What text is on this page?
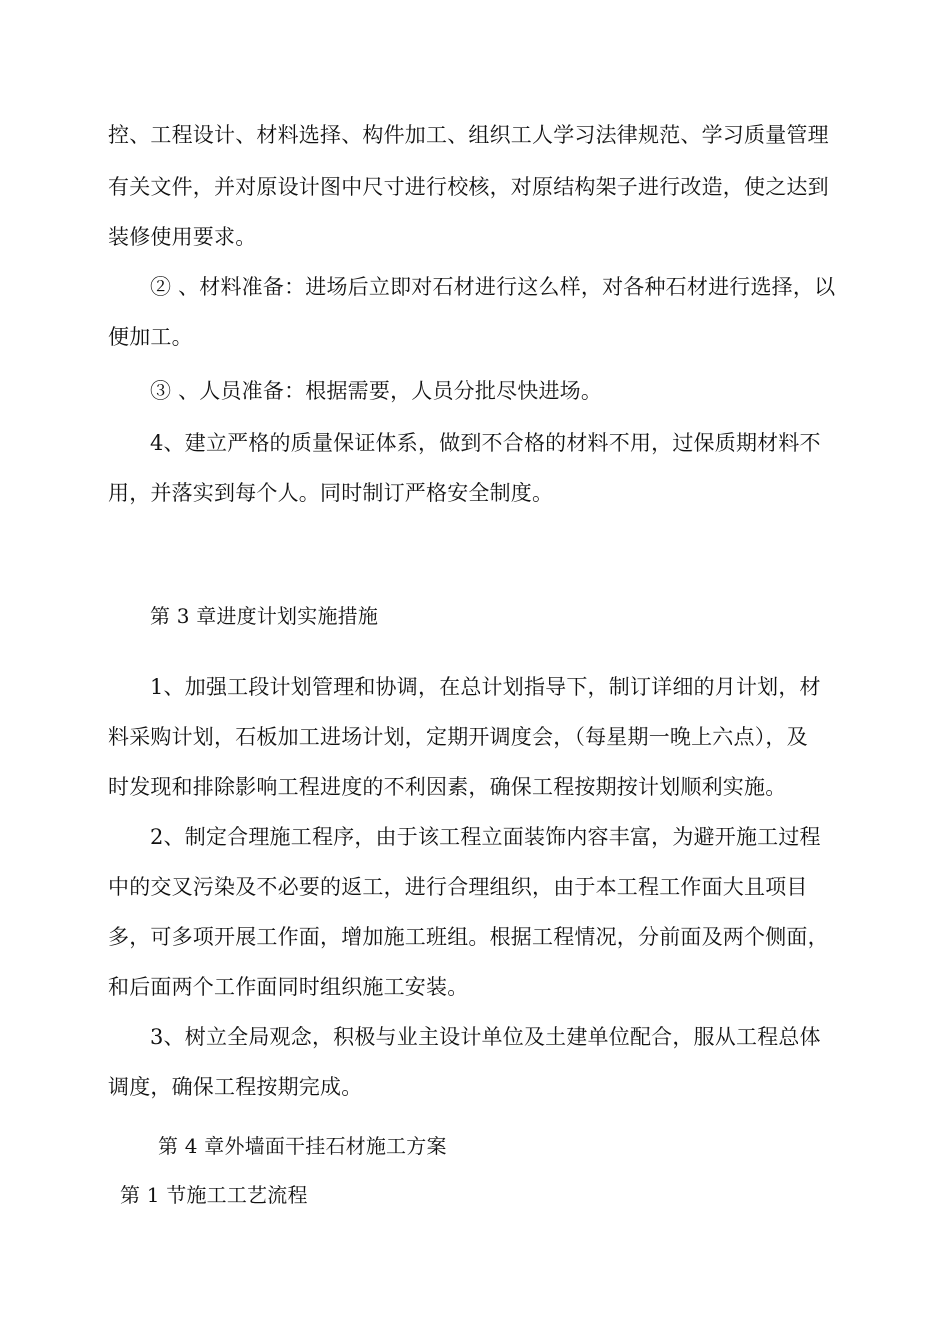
控、工程设计、材料选择、构件加工、组织工人学习法律规范、学习质量管理
有关文件，并对原设计图中尺寸进行校核，对原结构架子进行改造，使之达到
装修使用要求。
② 、材料准备：进场后立即对石材进行这么样，对各种石材进行选择，以
便加工。
③ 、人员准备：根据需要，人员分批尽快进场。
4、建立严格的质量保证体系，做到不合格的材料不用，过保质期材料不
用，并落实到每个人。同时制订严格安全制度。
第 3 章进度计划实施措施
1、加强工段计划管理和协调，在总计划指导下，制订详细的月计划，材
料采购计划，石板加工进场计划，定期开调度会，（每星期一晚上六点），及
时发现和排除影响工程进度的不利因素，确保工程按期按计划顺利实施。
2、制定合理施工程序，由于该工程立面装饰内容丰富，为避开施工过程
中的交叉污染及不必要的返工，进行合理组织，由于本工程工作面大且项目
多，可多项开展工作面，增加施工班组。根据工程情况，分前面及两个侧面，
和后面两个工作面同时组织施工安装。
3、树立全局观念，积极与业主设计单位及土建单位配合，服从工程总体
调度，确保工程按期完成。
第 4 章外墙面干挂石材施工方案
第 1 节施工工艺流程
